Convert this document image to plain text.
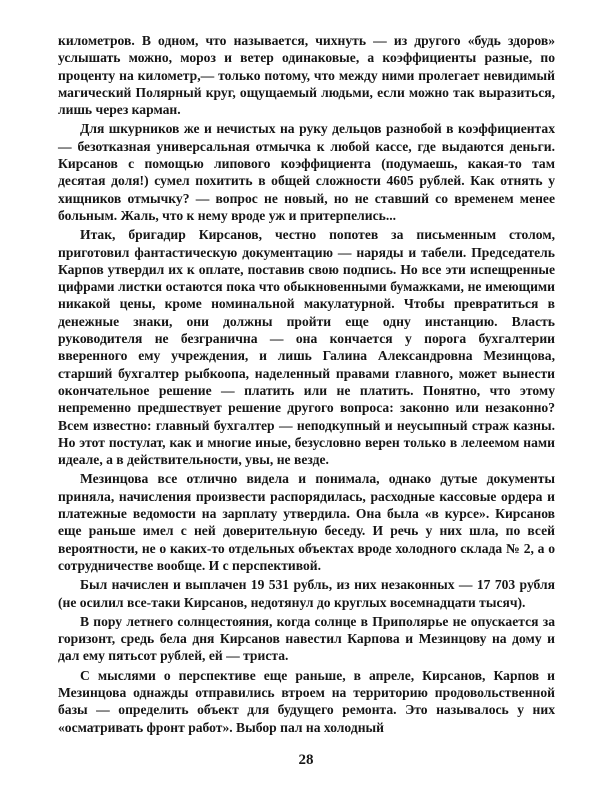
километров. В одном, что называется, чихнуть — из другого «будь здоров» услышать можно, мороз и ветер одинаковые, а коэффициенты разные, по проценту на километр,— только потому, что между ними пролегает невидимый магический Полярный круг, ощущаемый людьми, если можно так выразиться, лишь через карман.

Для шкурников же и нечистых на руку дельцов разнобой в коэффициентах — безотказная универсальная отмычка к любой кассе, где выдаются деньги. Кирсанов с помощью липового коэффициента (подумаешь, какая-то там десятая доля!) сумел похитить в общей сложности 4605 рублей. Как отнять у хищников отмычку? — вопрос не новый, но не ставший со временем менее больным. Жаль, что к нему вроде уж и притерпелись...

Итак, бригадир Кирсанов, честно попотев за письменным столом, приготовил фантастическую документацию — наряды и табели. Председатель Карпов утвердил их к оплате, поставив свою подпись. Но все эти испещренные цифрами листки остаются пока что обыкновенными бумажками, не имеющими никакой цены, кроме номинальной макулатурной. Чтобы превратиться в денежные знаки, они должны пройти еще одну инстанцию. Власть руководителя не безгранична — она кончается у порога бухгалтерии вверенного ему учреждения, и лишь Галина Александровна Мезинцова, старший бухгалтер рыбкоопа, наделенный правами главного, может вынести окончательное решение — платить или не платить. Понятно, что этому непременно предшествует решение другого вопроса: законно или незаконно? Всем известно: главный бухгалтер — неподкупный и неусыпный страж казны. Но этот постулат, как и многие иные, безусловно верен только в лелеемом нами идеале, а в действительности, увы, не везде.

Мезинцова все отлично видела и понимала, однако дутые документы приняла, начисления произвести распорядилась, расходные кассовые ордера и платежные ведомости на зарплату утвердила. Она была «в курсе». Кирсанов еще раньше имел с ней доверительную беседу. И речь у них шла, по всей вероятности, не о каких-то отдельных объектах вроде холодного склада № 2, а о сотрудничестве вообще. И с перспективой.

Был начислен и выплачен 19 531 рубль, из них незаконных — 17 703 рубля (не осилил все-таки Кирсанов, недотянул до круглых восемнадцати тысяч).

В пору летнего солнцестояния, когда солнце в Приполярье не опускается за горизонт, средь бела дня Кирсанов навестил Карпова и Мезинцову на дому и дал ему пятьсот рублей, ей — триста.

С мыслями о перспективе еще раньше, в апреле, Кирсанов, Карпов и Мезинцова однажды отправились втроем на территорию продовольственной базы — определить объект для будущего ремонта. Это называлось у них «осматривать фронт работ». Выбор пал на холодный

28
